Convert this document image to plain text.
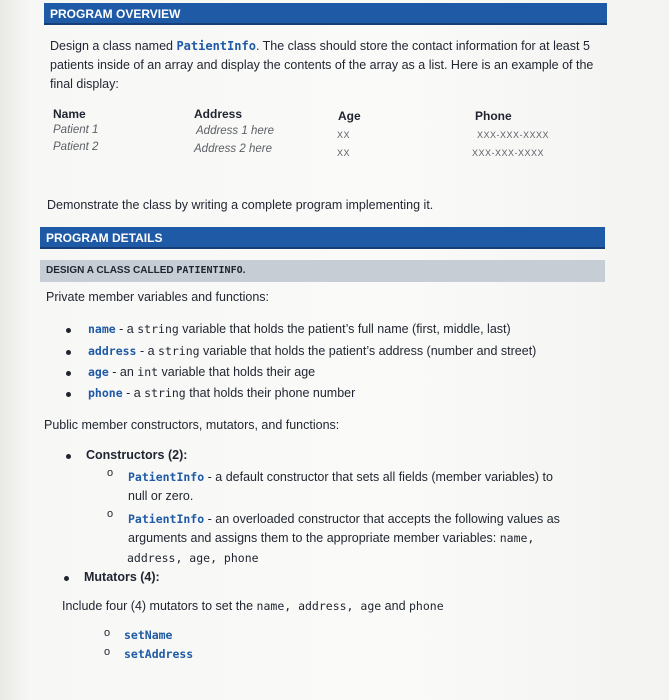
PROGRAM OVERVIEW
Design a class named PatientInfo. The class should store the contact information for at least 5 patients inside of an array and display the contents of the array as a list. Here is an example of the final display:
Name	Address	Age	Phone
Patient 1	Address 1 here	XX	XXX-XXX-XXXX
Patient 2	Address 2 here	XX	XXX-XXX-XXXX
Demonstrate the class by writing a complete program implementing it.
PROGRAM DETAILS
DESIGN A CLASS CALLED PATIENTINFO.
Private member variables and functions:
name - a string variable that holds the patient’s full name (first, middle, last)
address - a string variable that holds the patient’s address (number and street)
age - an int variable that holds their age
phone - a string that holds their phone number
Public member constructors, mutators, and functions:
Constructors (2):
o PatientInfo - a default constructor that sets all fields (member variables) to
null or zero.
o PatientInfo - an overloaded constructor that accepts the following values as
arguments and assigns them to the appropriate member variables: name,
address, age, phone
Mutators (4):
Include four (4) mutators to set the name, address, age and phone
o setName
o setAddress
